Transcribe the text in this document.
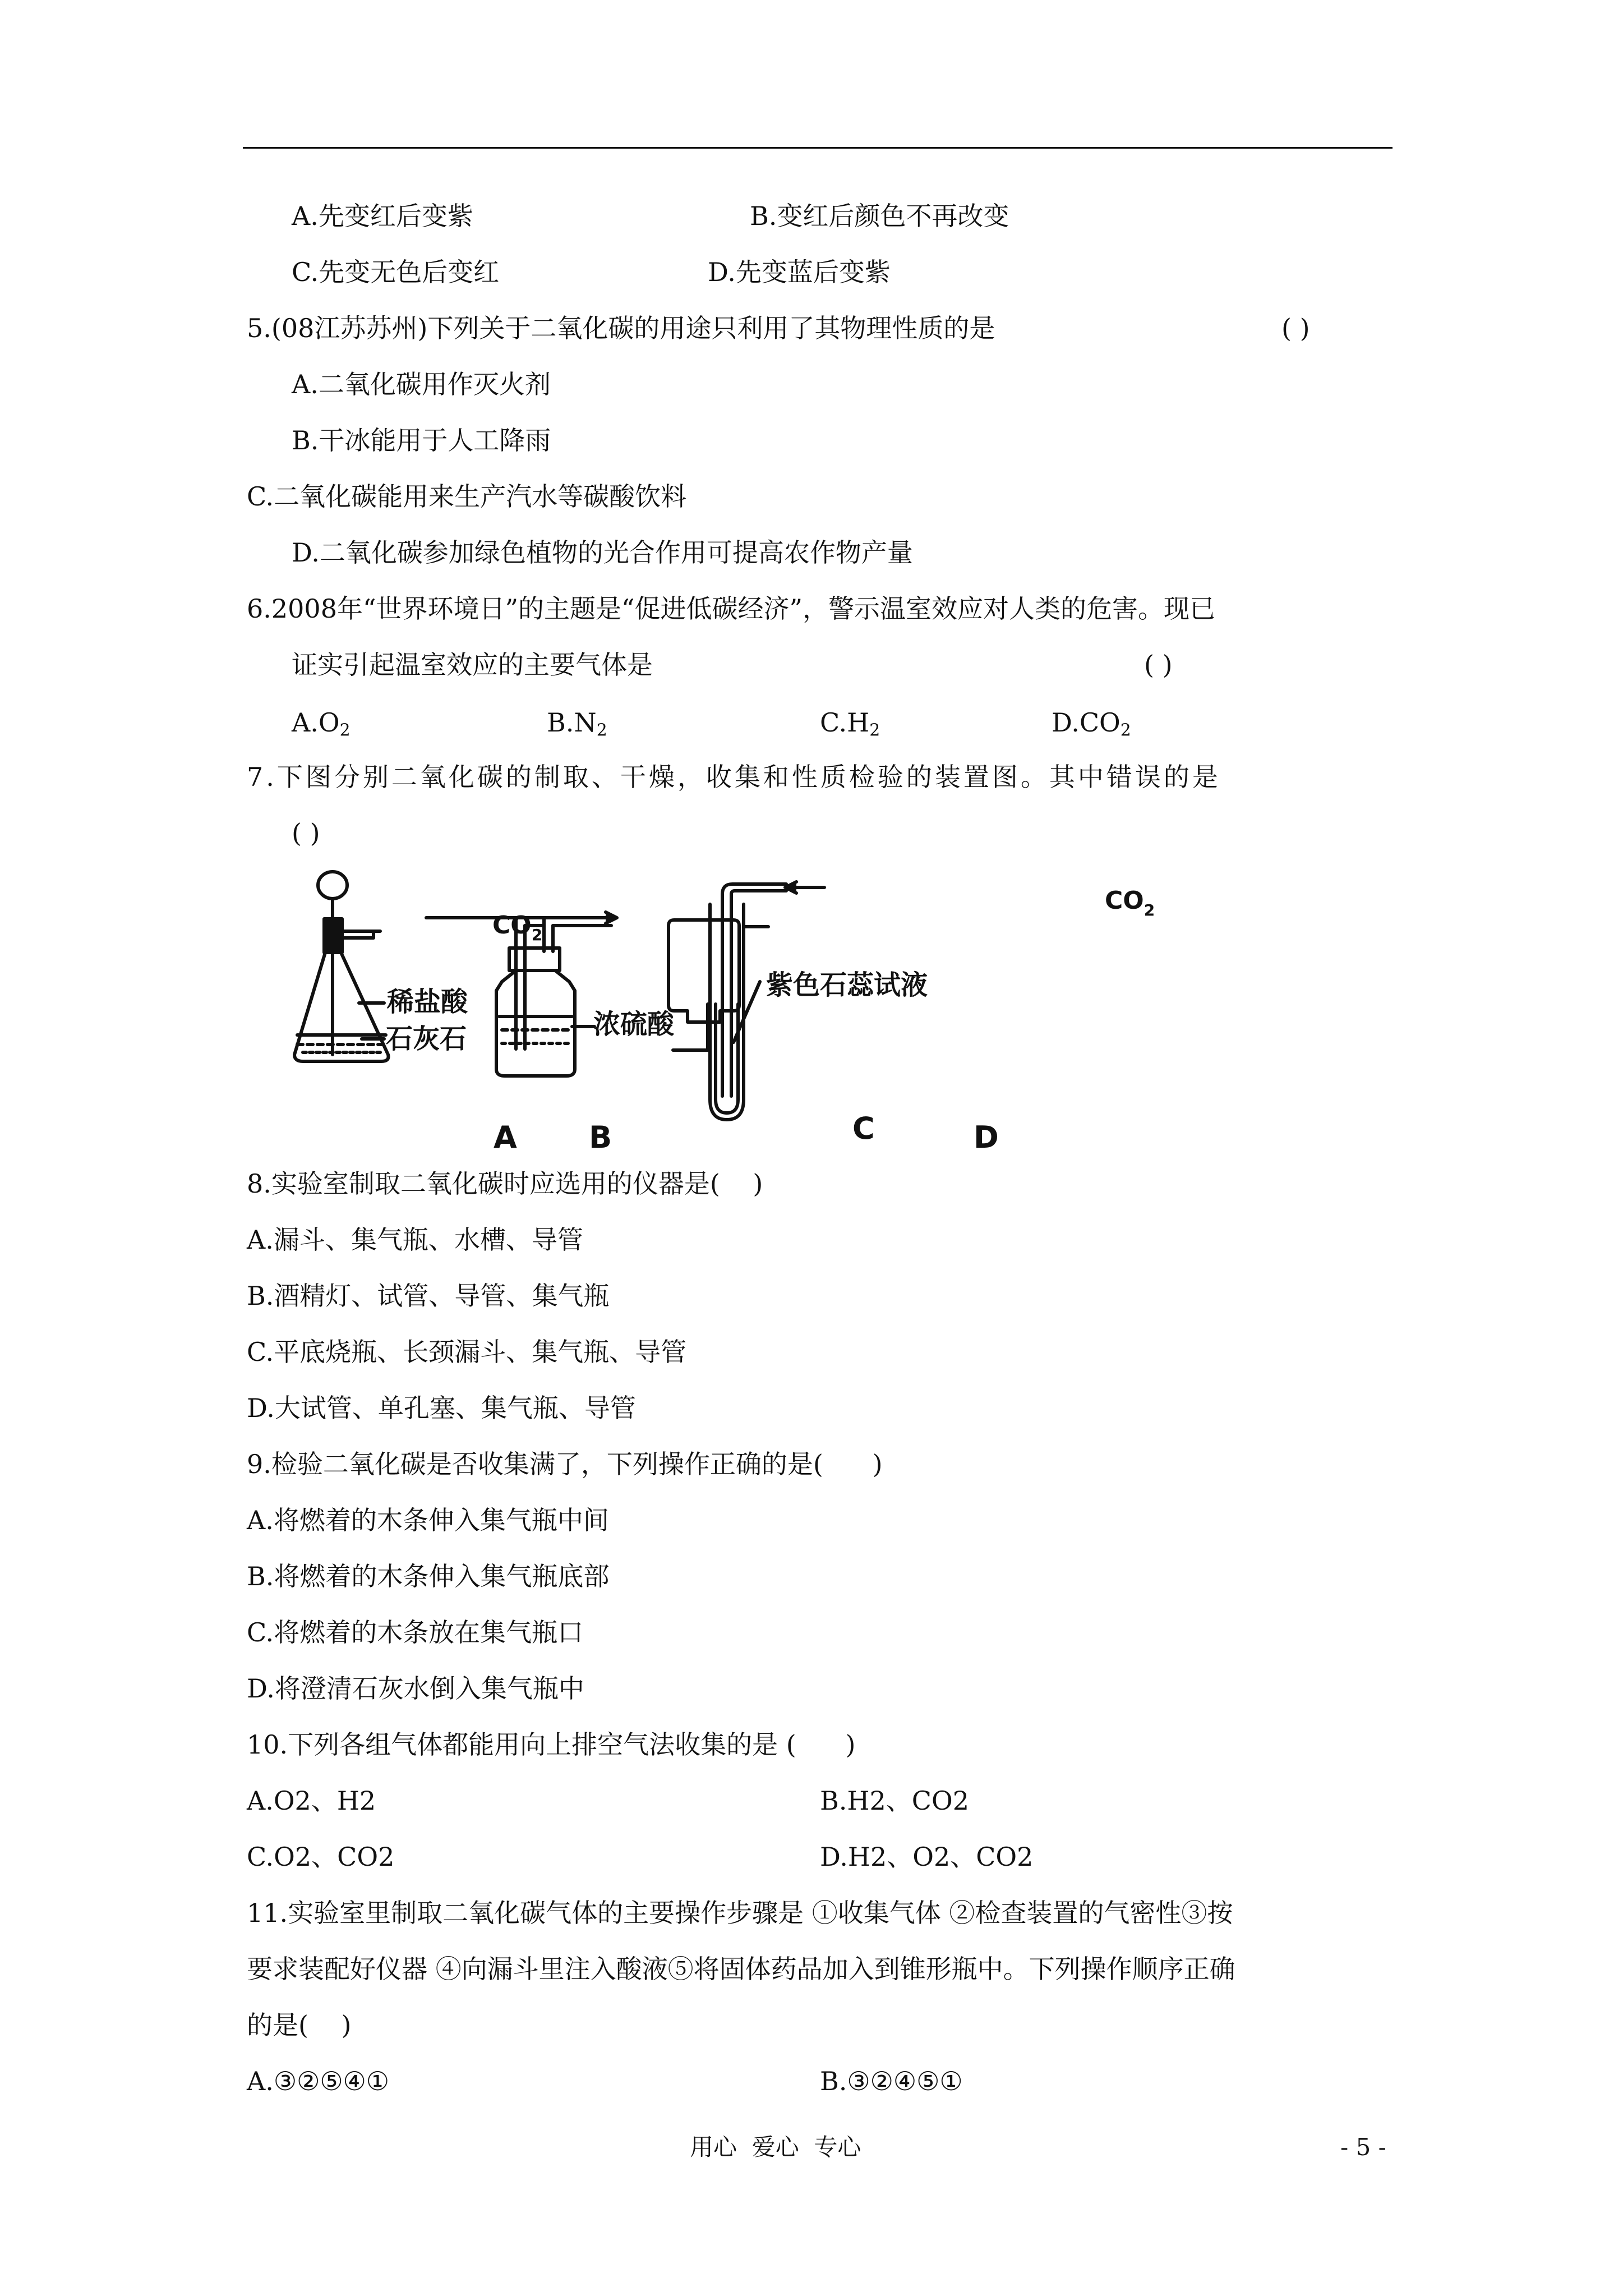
A.先变红后变紫	B.变红后颜色不再改变
C.先变无色后变红	D.先变蓝后变紫
5.(08江苏苏州)下列关于二氧化碳的用途只利用了其物理性质的是	( )
A.二氧化碳用作灭火剂
B.干冰能用于人工降雨
C.二氧化碳能用来生产汽水等碳酸饮料
D.二氧化碳参加绿色植物的光合作用可提高农作物产量
6.2008年“世界环境日”的主题是“促进低碳经济”，警示温室效应对人类的危害。现已
证实引起温室效应的主要气体是	( )
$A.O_2$	$B.N_2$	$C.H_2$	$D.CO_2$
7.下图分别二氧化碳的制取、干燥，收集和性质检验的装置图。其中错误的是
( )
稀盐酸
石灰石	浓硫酸
紫色石蕊试液
A B	C	D
$CO_2$
$CO_2$
8.实验室制取二氧化碳时应选用的仪器是(    )
A.漏斗、集气瓶、水槽、导管
B.酒精灯、试管、导管、集气瓶
C.平底烧瓶、长颈漏斗、集气瓶、导管
D.大试管、单孔塞、集气瓶、导管
9.检验二氧化碳是否收集满了，下列操作正确的是(      )
A.将燃着的木条伸入集气瓶中间
B.将燃着的木条伸入集气瓶底部
C.将燃着的木条放在集气瓶口
D.将澄清石灰水倒入集气瓶中
10.下列各组气体都能用向上排空气法收集的是 (      )
A.O2、H2	B.H2、CO2
C.O2、CO2	D.H2、O2、CO2
11.实验室里制取二氧化碳气体的主要操作步骤是 ①收集气体 ②检查装置的气密性③按
要求装配好仪器 ④向漏斗里注入酸液⑤将固体药品加入到锥形瓶中。下列操作顺序正确
的是(    )
A.③②⑤④①	B.③②④⑤①
用心  爱心  专心	- 5 -
